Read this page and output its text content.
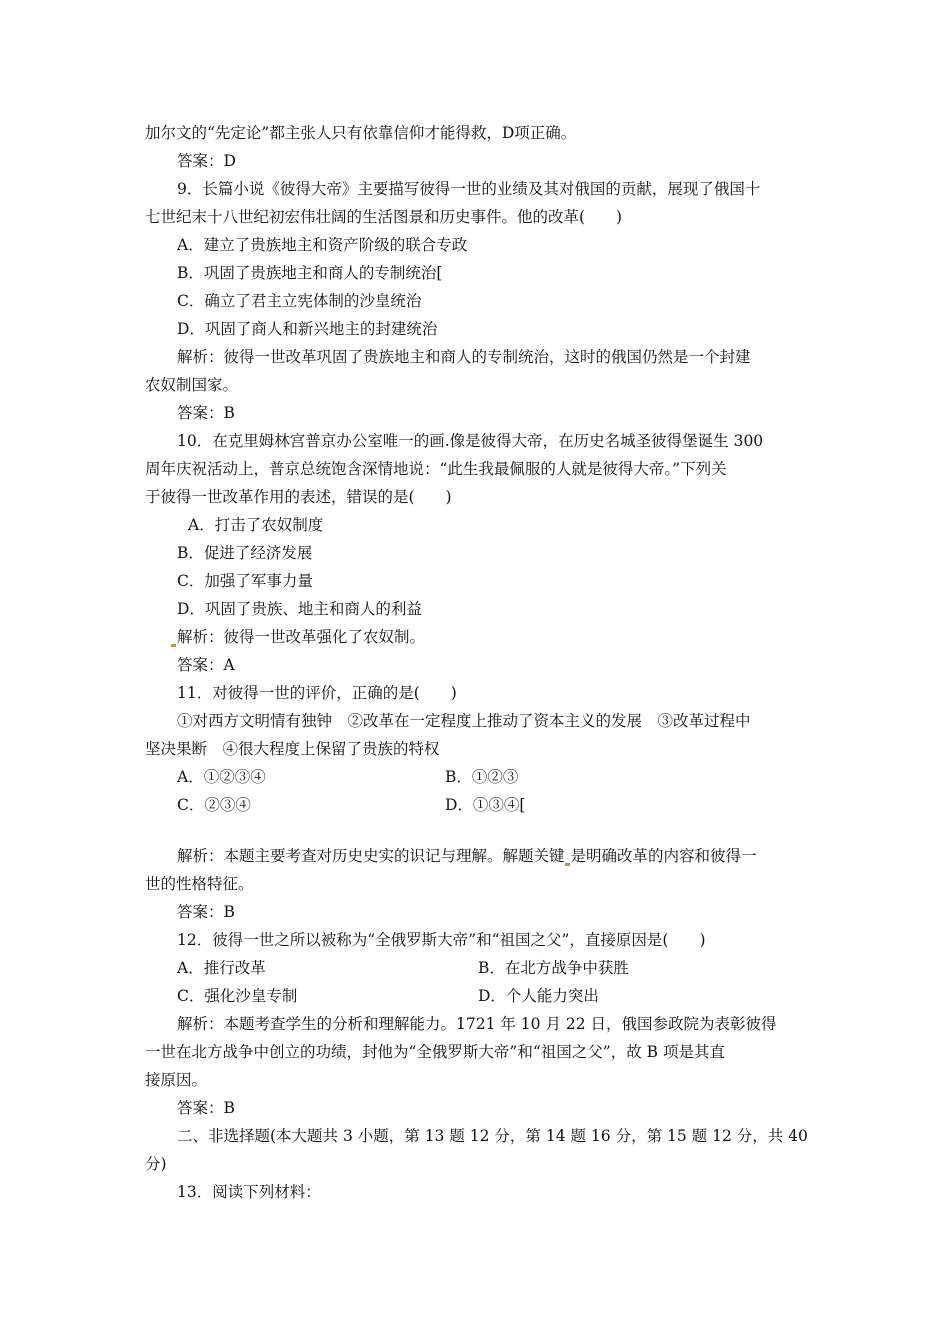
加尔文的“先定论”都主张人只有依靠信仰才能得救，D项正确。
答案：D
9．长篇小说《彼得大帝》主要描写彼得一世的业绩及其对俄国的贡献，展现了俄国十
七世纪末十八世纪初宏伟壮阔的生活图景和历史事件。他的改革(　　)
A．建立了贵族地主和资产阶级的联合专政
B．巩固了贵族地主和商人的专制统治[
C．确立了君主立宪体制的沙皇统治
D．巩固了商人和新兴地主的封建统治
解析：彼得一世改革巩固了贵族地主和商人的专制统治，这时的俄国仍然是一个封建
农奴制国家。
答案：B
10．在克里姆林宫普京办公室唯一的画.像是彼得大帝，在历史名城圣彼得堡诞生 300
周年庆祝活动上，普京总统饱含深情地说：“此生我最佩服的人就是彼得大帝。”下列关
于彼得一世改革作用的表述，错误的是(　　)
A．打击了农奴制度
B．促进了经济发展
C．加强了军事力量
D．巩固了贵族、地主和商人的利益
解析：彼得一世改革强化了农奴制。
答案：A
11．对彼得一世的评价，正确的是(　　)
①对西方文明情有独钟　②改革在一定程度上推动了资本主义的发展　③改革过程中
坚决果断　④很大程度上保留了贵族的特权
A．①②③④	B．①②③
C．②③④	D．①③④[
解析：本题主要考查对历史史实的识记与理解。解题关键 是明确改革的内容和彼得一
世的性格特征。
答案：B
12．彼得一世之所以被称为“全俄罗斯大帝”和“祖国之父”，直接原因是(　　)
A．推行改革	B．在北方战争中获胜
C．强化沙皇专制	D．个人能力突出
解析：本题考查学生的分析和理解能力。1721 年 10 月 22 日，俄国参政院为表彰彼得
一世在北方战争中创立的功绩，封他为“全俄罗斯大帝”和“祖国之父”，故 B 项是其直
接原因。
答案：B
二、非选择题(本大题共 3 小题，第 13 题 12 分，第 14 题 16 分，第 15 题 12 分，共 40
分)
13．阅读下列材料：
